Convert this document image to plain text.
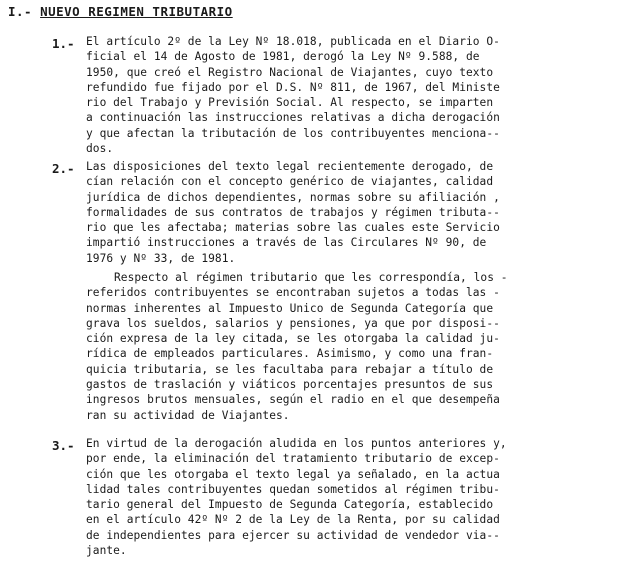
I.- NUEVO REGIMEN TRIBUTARIO
1.- El artículo 2º de la Ley Nº 18.018, publicada en el Diario O-
ficial el 14 de Agosto de 1981, derogó la Ley Nº 9.588, de
1950, que creó el Registro Nacional de Viajantes, cuyo texto
refundido fue fijado por el D.S. Nº 811, de 1967, del Ministe
rio del Trabajo y Previsión Social. Al respecto, se imparten
a continuación las instrucciones relativas a dicha derogación
y que afectan la tributación de los contribuyentes menciona--
dos.
2.- Las disposiciones del texto legal recientemente derogado, de
cían relación con el concepto genérico de viajantes, calidad
jurídica de dichos dependientes, normas sobre su afiliación ,
formalidades de sus contratos de trabajos y régimen tributa--
rio que les afectaba; materias sobre las cuales este Servicio
impartió instrucciones a través de las Circulares Nº 90, de
1976 y Nº 33, de 1981.
Respecto al régimen tributario que les correspondía, los -
referidos contribuyentes se encontraban sujetos a todas las -
normas inherentes al Impuesto Unico de Segunda Categoría que
grava los sueldos, salarios y pensiones, ya que por disposi--
ción expresa de la ley citada, se les otorgaba la calidad ju-
rídica de empleados particulares. Asimismo, y como una fran-
quicia tributaria, se les facultaba para rebajar a título de
gastos de traslación y viáticos porcentajes presuntos de sus
ingresos brutos mensuales, según el radio en el que desempeña
ran su actividad de Viajantes.
3.- En virtud de la derogación aludida en los puntos anteriores y,
por ende, la eliminación del tratamiento tributario de excep-
ción que les otorgaba el texto legal ya señalado, en la actua
lidad tales contribuyentes quedan sometidos al régimen tribu-
tario general del Impuesto de Segunda Categoría, establecido
en el artículo 42º Nº 2 de la Ley de la Renta, por su calidad
de independientes para ejercer su actividad de vendedor via--
jante.
